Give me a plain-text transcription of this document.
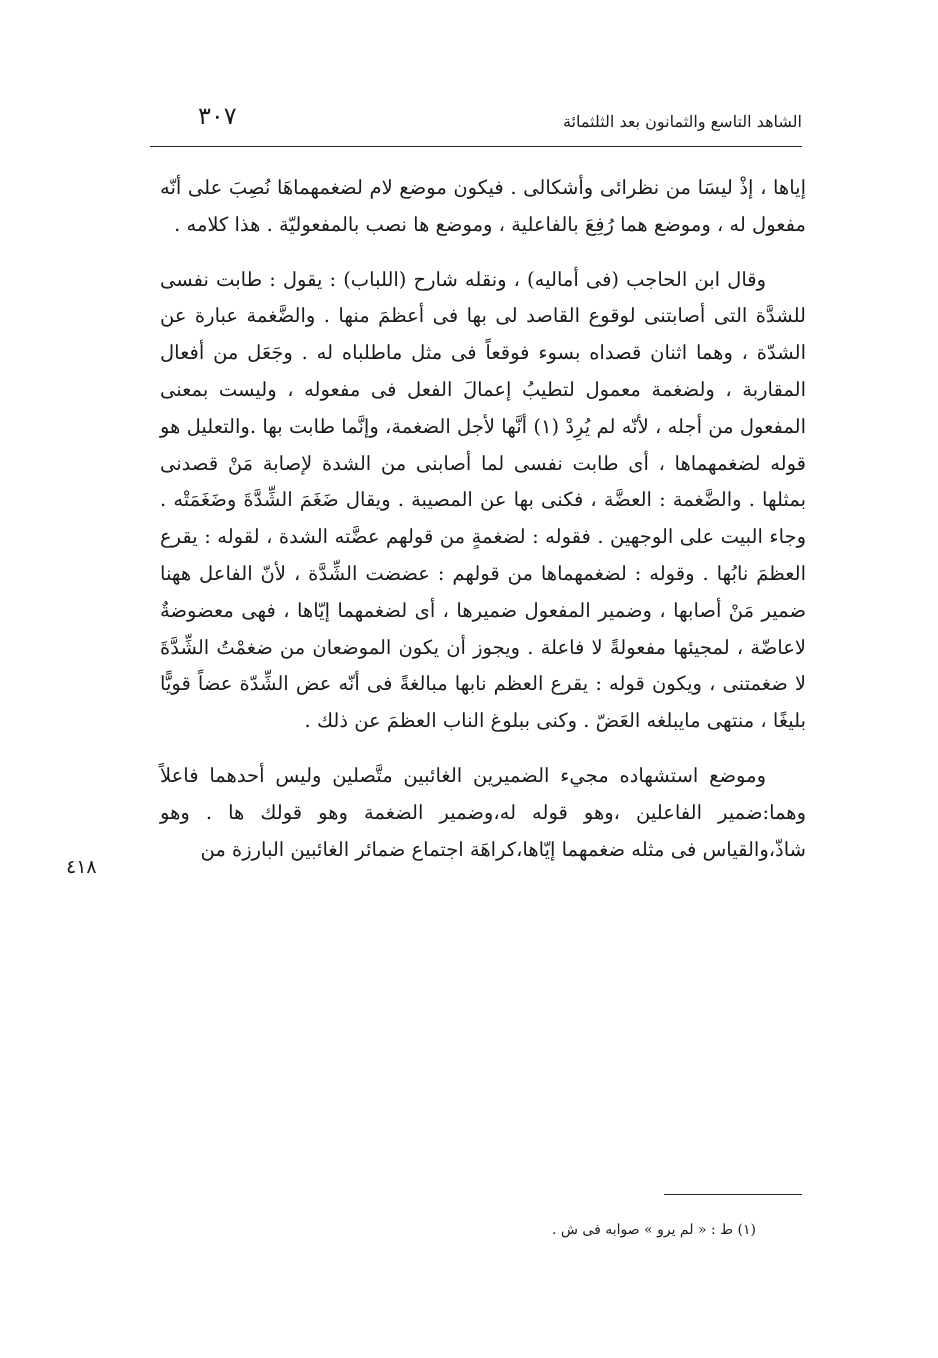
٣٠٧	الشاهد التاسع والثمانون بعد الثلثمائة

إياها ، إذْ ليسَا من نظرائى وأشكالى . فيكون موضع لام لضغمهماهَا نُصِبَ على أنّه مفعول له ، وموضع هما رُفِعَ بالفاعلية ، وموضع ها نصب بالمفعوليّة . هذا كلامه .

وقال ابن الحاجب (فى أماليه) ، ونقله شارح (اللباب) : يقول : طابت نفسى للشدَّة التى أصابتنى لوقوع القاصد لى بها فى أعظمَ منها . والضَّغمة عبارة عن الشدّة ، وهما اثنان قصداه بسوء فوقعاً فى مثل ماطلباه له . وجَعَل من أفعال المقاربة ، ولضغمة معمول لتطيبُ إعمالَ الفعل فى مفعوله ، وليست بمعنى المفعول من أجله ، لأنّه لم يُرِدْ (١) أنَّها لأجل الضغمة، وإنَّما طابت بها .والتعليل هو قوله لضغمهماها ، أى طابت نفسى لما أصابنى من الشدة لإصابة مَنْ قصدنى بمثلها . والضَّغمة : العضَّة ، فكنى بها عن المصيبة . ويقال ضَغَمَ الشِّدَّةَ وضَغَمَتْه . وجاء البيت على الوجهين . فقوله : لضغمةٍ من قولهم عضَّته الشدة ، لقوله : يقرع العظمَ نابُها . وقوله : لضغمهماها من قولهم : عضضت الشِّدَّة ، لأنّ الفاعل ههنا ضمير مَنْ أصابها ، وضمير المفعول ضميرها ، أى لضغمهما إيّاها ، فهى معضوضةٌ لاعاضّة ، لمجيئها مفعولةً لا فاعلة . ويجوز أن يكون الموضعان من ضغمْتُ الشِّدَّةَ لا ضغمتنى ، ويكون قوله : يقرع العظم نابها مبالغةً فى أنّه عض الشِّدّة عضاً قويًّا بليغًا ، منتهى مايبلغه العَضّ . وكنى ببلوغ الناب العظمَ عن ذلك .

وموضع استشهاده مجيء الضميرين الغائبين متَّصلين وليس أحدهما فاعلاً وهما:ضمير الفاعلين ،وهو قوله له،وضمير الضغمة وهو قولك ها . وهو شاذّ،والقياس فى مثله ضغمهما إيّاها،كراهَة اجتماع ضمائر الغائبين البارزة من

٤١٨
(١) ط : « لم يرو » صوابه فى ش .
